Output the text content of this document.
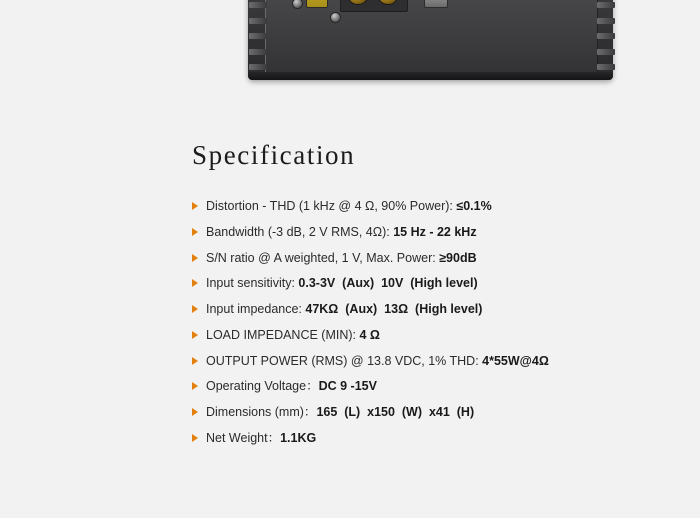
Specification
Distortion - THD (1 kHz @ 4 Ω, 90% Power): ≤0.1%
Bandwidth (-3 dB, 2 V RMS, 4Ω): 15 Hz - 22 kHz
S/N ratio @ A weighted, 1 V, Max. Power: ≥90dB
Input sensitivity: 0.3-3V  (Aux)  10V  (High level)
Input impedance: 47KΩ  (Aux)  13Ω  (High level)
LOAD IMPEDANCE (MIN): 4 Ω
OUTPUT POWER (RMS) @ 13.8 VDC, 1% THD: 4*55W@4Ω
Operating Voltage： DC 9 -15V
Dimensions (mm)： 165  (L)  x150  (W)  x41  (H)
Net Weight： 1.1KG
